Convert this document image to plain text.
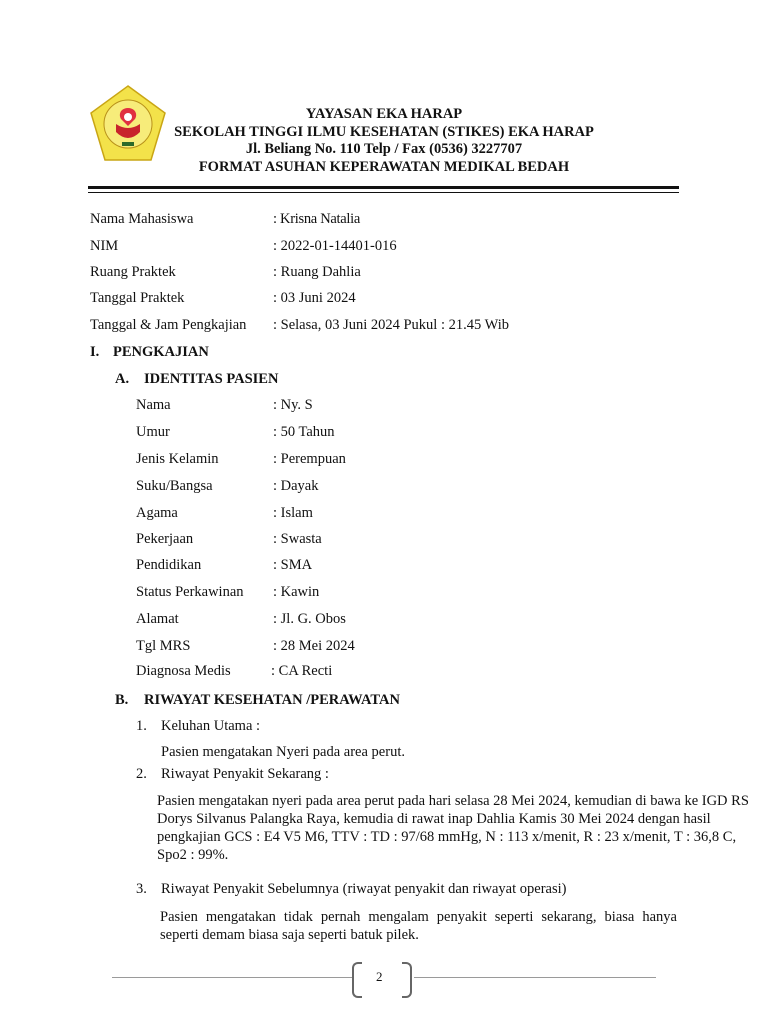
YAYASAN EKA HARAP
SEKOLAH TINGGI ILMU KESEHATAN (STIKES) EKA HARAP
Jl. Beliang No. 110 Telp / Fax (0536) 3227707
FORMAT ASUHAN KEPERAWATAN MEDIKAL BEDAH
Nama Mahasiswa	: Krisna Natalia
NIM	: 2022-01-14401-016
Ruang Praktek	: Ruang Dahlia
Tanggal Praktek	: 03 Juni 2024
Tanggal & Jam Pengkajian : Selasa, 03 Juni 2024 Pukul : 21.45 Wib
I. PENGKAJIAN
A. IDENTITAS PASIEN
Nama	: Ny. S
Umur	: 50 Tahun
Jenis Kelamin	: Perempuan
Suku/Bangsa	: Dayak
Agama	: Islam
Pekerjaan	: Swasta
Pendidikan	: SMA
Status Perkawinan : Kawin
Alamat	: Jl. G. Obos
Tgl MRS	: 28 Mei 2024
Diagnosa Medis	: CA Recti
B. RIWAYAT KESEHATAN /PERAWATAN
1. Keluhan Utama :
Pasien mengatakan Nyeri pada area perut.
2. Riwayat Penyakit Sekarang :
Pasien mengatakan nyeri pada area perut pada hari selasa 28 Mei 2024, kemudian di bawa ke IGD RS Dorys Silvanus Palangka Raya, kemudia di rawat inap Dahlia Kamis 30 Mei 2024 dengan hasil pengkajian GCS : E4 V5 M6, TTV : TD : 97/68 mmHg, N : 113 x/menit, R : 23 x/menit, T : 36,8 C, Spo2 : 99%.
3. Riwayat Penyakit Sebelumnya (riwayat penyakit dan riwayat operasi)
Pasien mengatakan tidak pernah mengalam penyakit seperti sekarang, biasa hanya seperti demam biasa saja seperti batuk pilek.
2
